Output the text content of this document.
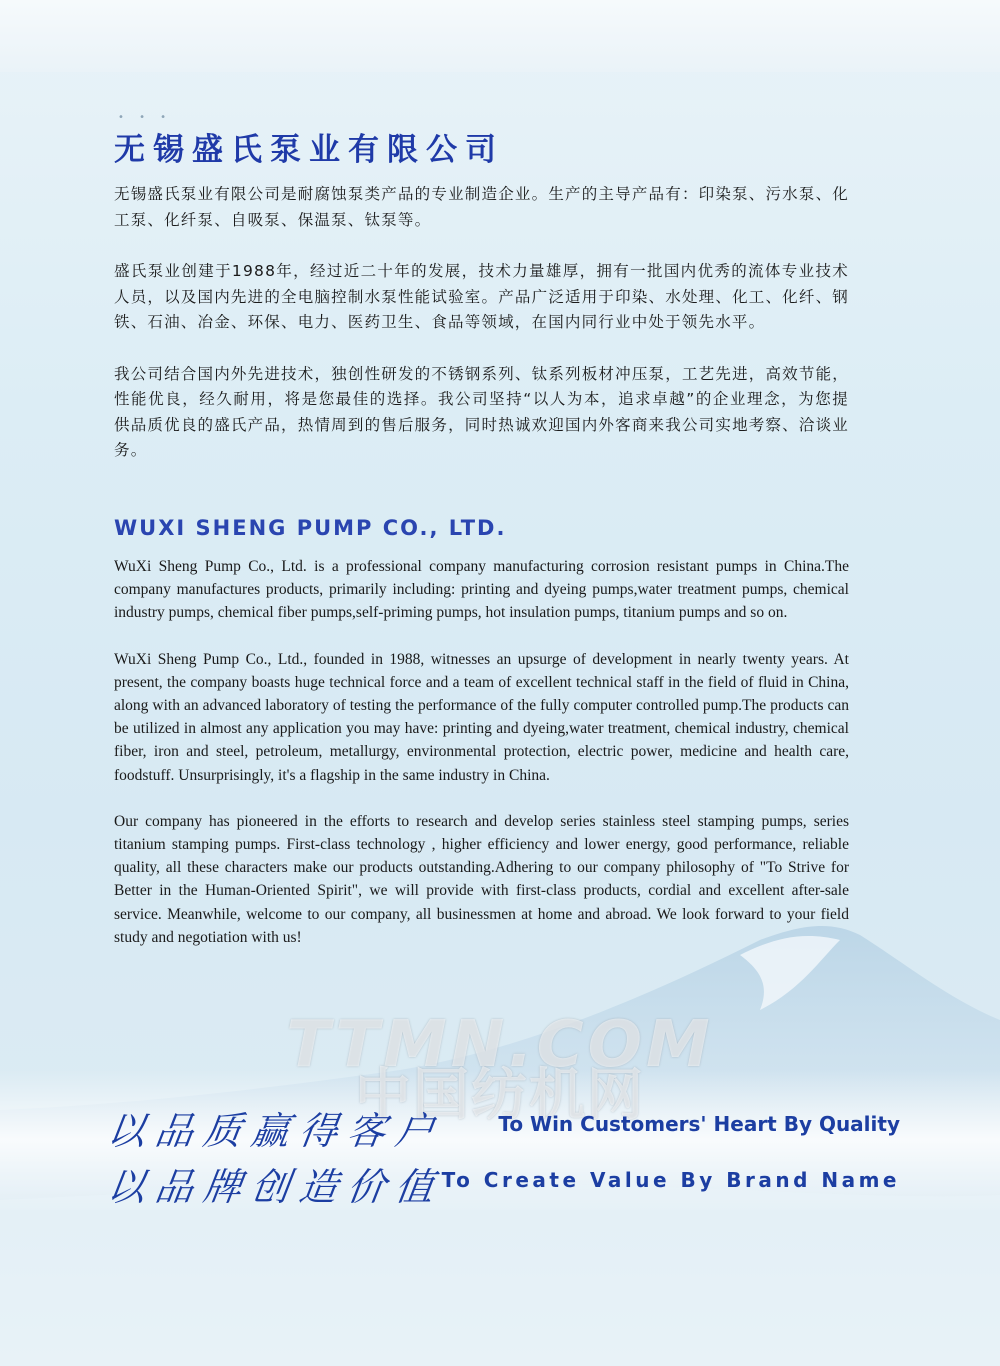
• • •
无锡盛氏泵业有限公司

无锡盛氏泵业有限公司是耐腐蚀泵类产品的专业制造企业。生产的主导产品有：印染泵、污水泵、化工泵、化纤泵、自吸泵、保温泵、钛泵等。

盛氏泵业创建于1988年，经过近二十年的发展，技术力量雄厚，拥有一批国内优秀的流体专业技术人员，以及国内先进的全电脑控制水泵性能试验室。产品广泛适用于印染、水处理、化工、化纤、钢铁、石油、冶金、环保、电力、医药卫生、食品等领域，在国内同行业中处于领先水平。

我公司结合国内外先进技术，独创性研发的不锈钢系列、钛系列板材冲压泵，工艺先进，高效节能，性能优良，经久耐用，将是您最佳的选择。我公司坚持“以人为本，追求卓越”的企业理念，为您提供品质优良的盛氏产品，热情周到的售后服务，同时热诚欢迎国内外客商来我公司实地考察、洽谈业务。

WUXI SHENG PUMP CO., LTD.

WuXi Sheng Pump Co., Ltd. is a professional company manufacturing corrosion resistant pumps in China.The company manufactures products, primarily including: printing and dyeing pumps,water treatment pumps, chemical industry pumps, chemical fiber pumps,self-priming pumps, hot insulation pumps, titanium pumps and so on.

WuXi Sheng Pump Co., Ltd., founded in 1988, witnesses an upsurge of development in nearly twenty years. At present, the company boasts huge technical force and a team of excellent technical staff in the field of fluid in China, along with an advanced laboratory of testing the performance of the fully computer controlled pump.The products can be utilized in almost any application you may have: printing and dyeing,water treatment, chemical industry, chemical fiber, iron and steel, petroleum, metallurgy, environmental protection, electric power, medicine and health care, foodstuff. Unsurprisingly, it's a flagship in the same industry in China.

Our company has pioneered in the efforts to research and develop series stainless steel stamping pumps, series titanium stamping pumps. First-class technology , higher efficiency and lower energy, good performance, reliable quality, all these characters make our products outstanding.Adhering to our company philosophy of "To Strive for Better in the Human-Oriented Spirit", we will provide with first-class products, cordial and excellent after-sale service. Meanwhile, welcome to our company, all businessmen at home and abroad. We look forward to your field study and negotiation with us!

TTMN.COM
中国纺机网
以品质赢得客户	To Win Customers' Heart By Quality
以品牌创造价值
To Create Value By Brand Name
